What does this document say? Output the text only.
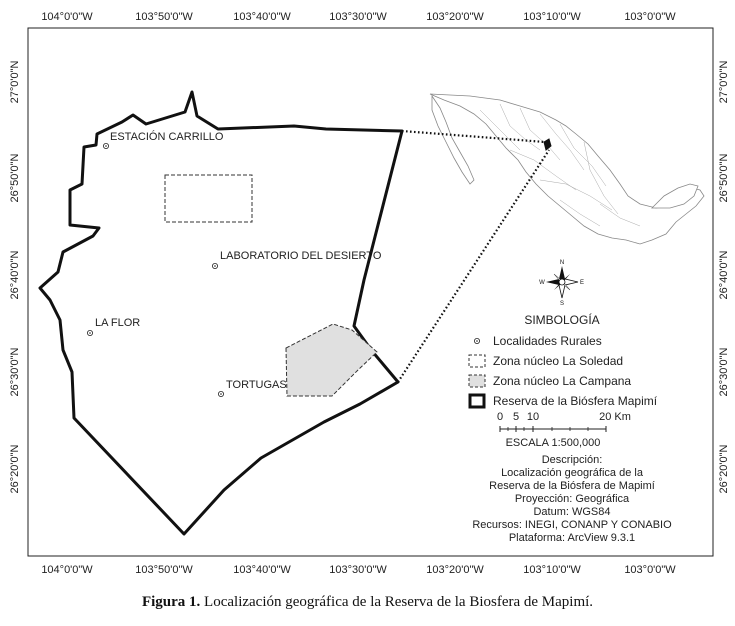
104°0'0"W	103°50'0"W	103°40'0"W	103°30'0"W	103°20'0"W	103°10'0"W	103°0'0"W
104°0'0"W	103°50'0"W	103°40'0"W	103°30'0"W	103°20'0"W	103°10'0"W	103°0'0"W
27°0'0"N
26°50'0"N
26°40'0"N
26°30'0"N
26°20'0"N
27°0'0"N
26°50'0"N
26°40'0"N
26°30'0"N
26°20'0"N
ESTACIÓN CARRILLO
LABORATORIO DEL DESIERTO
LA FLOR
TORTUGAS
N
S
E
W
SIMBOLOGÍA
Localidades Rurales
Zona núcleo La Soledad
Zona núcleo La Campana
Reserva de la Biósfera Mapimí
0 5 10	20 Km
ESCALA 1:500,000
Descripción:
Localización geográfica de la
Reserva de la Biósfera de Mapimí
Proyección: Geográfica
Datum: WGS84
Recursos: INEGI, CONANP Y CONABIO
Plataforma: ArcView 9.3.1
Figura 1. Localización geográfica de la Reserva de la Biosfera de Mapimí.
